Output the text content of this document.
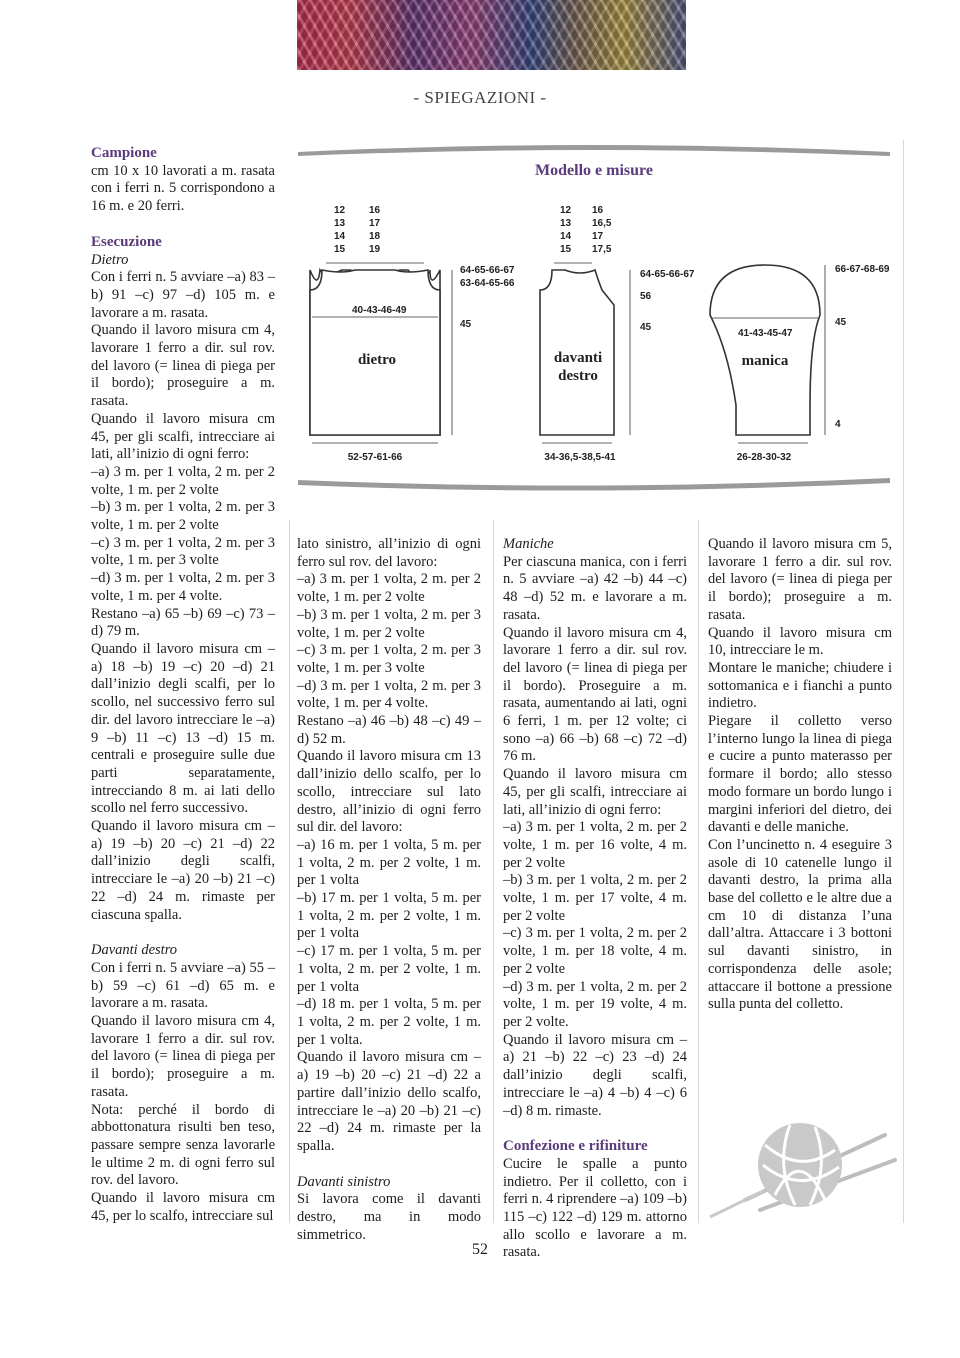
- SPIEGAZIONI -
Modello e misure
12
13
14
15
16
17
18
19
64-65-66-67
63-64-65-66
45
40-43-46-49
dietro
52-57-61-66
12
13
14
15
16
16,5
17
17,5
64-65-66-67
56
45
davanti
destro
34-36,5-38,5-41
66-67-68-69
45
4
41-43-45-47
manica
26-28-30-32

Campione

cm 10 x 10 lavorati a m. rasata con i ferri n. 5 corrispondono a 16 m. e 20 ferri.

Esecuzione

Dietro

Con i ferri n. 5 avviare –a) 83 –b) 91 –c) 97 –d) 105 m. e lavorare a m. rasata.

Quando il lavoro misura cm 4, lavorare 1 ferro a dir. sul rov. del lavoro (= linea di piega per il bordo); proseguire a m. rasata.

Quando il lavoro misura cm 45, per gli scalfi, intrecciare ai lati, all’inizio di ogni ferro:

–a) 3 m. per 1 volta, 2 m. per 2 volte, 1 m. per 2 volte

–b) 3 m. per 1 volta, 2 m. per 3 volte, 1 m. per 2 volte

–c) 3 m. per 1 volta, 2 m. per 3 volte, 1 m. per 3 volte

–d) 3 m. per 1 volta, 2 m. per 3 volte, 1 m. per 4 volte.

Restano –a) 65 –b) 69 –c) 73 –d) 79 m.

Quando il lavoro misura cm –a) 18 –b) 19 –c) 20 –d) 21 dall’inizio degli scalfi, per lo scollo, nel successivo ferro sul dir. del lavoro intrecciare le –a) 9 –b) 11 –c) 13 –d) 15 m. centrali e proseguire sulle due parti separatamente, intrecciando 8 m. ai lati dello scollo nel ferro successivo.

Quando il lavoro misura cm –a) 19 –b) 20 –c) 21 –d) 22 dall’inizio degli scalfi, intrecciare le –a) 20 –b) 21 –c) 22 –d) 24 m. rimaste per ciascuna spalla.

Davanti destro

Con i ferri n. 5 avviare –a) 55 –b) 59 –c) 61 –d) 65 m. e lavorare a m. rasata.

Quando il lavoro misura cm 4, lavorare 1 ferro a dir. sul rov. del lavoro (= linea di piega per il bordo); proseguire a m. rasata.

Nota: perché il bordo di abbottonatura risulti ben teso, passare sempre senza lavorarle le ultime 2 m. di ogni ferro sul rov. del lavoro.

Quando il lavoro misura cm 45, per lo scalfo, intrecciare sul

lato sinistro, all’inizio di ogni ferro sul rov. del lavoro:

–a) 3 m. per 1 volta, 2 m. per 2 volte, 1 m. per 2 volte

–b) 3 m. per 1 volta, 2 m. per 3 volte, 1 m. per 2 volte

–c) 3 m. per 1 volta, 2 m. per 3 volte, 1 m. per 3 volte

–d) 3 m. per 1 volta, 2 m. per 3 volte, 1 m. per 4 volte.

Restano –a) 46 –b) 48 –c) 49 –d) 52 m.

Quando il lavoro misura cm 13 dall’inizio dello scalfo, per lo scollo, intrecciare sul lato destro, all’inizio di ogni ferro sul dir. del lavoro:

–a) 16 m. per 1 volta, 5 m. per 1 volta, 2 m. per 2 volte, 1 m. per 1 volta

–b) 17 m. per 1 volta, 5 m. per 1 volta, 2 m. per 2 volte, 1 m. per 1 volta

–c) 17 m. per 1 volta, 5 m. per 1 volta, 2 m. per 2 volte, 1 m. per 1 volta

–d) 18 m. per 1 volta, 5 m. per 1 volta, 2 m. per 2 volte, 1 m. per 1 volta.

Quando il lavoro misura cm –a) 19 –b) 20 –c) 21 –d) 22 a partire dall’inizio dello scalfo, intrecciare le –a) 20 –b) 21 –c) 22 –d) 24 m. rimaste per la spalla.

Davanti sinistro

Si lavora come il davanti destro, ma in modo simmetrico.

Maniche

Per ciascuna manica, con i ferri n. 5 avviare –a) 42 –b) 44 –c) 48 –d) 52 m. e lavorare a m. rasata.

Quando il lavoro misura cm 4, lavorare 1 ferro a dir. sul rov. del lavoro (= linea di piega per il bordo). Proseguire a m. rasata, aumentando ai lati, ogni 6 ferri, 1 m. per 12 volte; ci sono –a) 66 –b) 68 –c) 72 –d) 76 m.

Quando il lavoro misura cm 45, per gli scalfi, intrecciare ai lati, all’inizio di ogni ferro:

–a) 3 m. per 1 volta, 2 m. per 2 volte, 1 m. per 16 volte, 4 m. per 2 volte

–b) 3 m. per 1 volta, 2 m. per 2 volte, 1 m. per 17 volte, 4 m. per 2 volte

–c) 3 m. per 1 volta, 2 m. per 2 volte, 1 m. per 18 volte, 4 m. per 2 volte

–d) 3 m. per 1 volta, 2 m. per 2 volte, 1 m. per 19 volte, 4 m. per 2 volte.

Quando il lavoro misura cm –a) 21 –b) 22 –c) 23 –d) 24 dall’inizio degli scalfi, intrecciare le –a) 4 –b) 4 –c) 6 –d) 8 m. rimaste.

Confezione e rifiniture

Cucire le spalle a punto indietro. Per il colletto, con i ferri n. 4 riprendere –a) 109 –b) 115 –c) 122 –d) 129 m. attorno allo scollo e lavorare a m. rasata.

Quando il lavoro misura cm 5, lavorare 1 ferro a dir. sul rov. del lavoro (= linea di piega per il bordo); proseguire a m. rasata.

Quando il lavoro misura cm 10, intrecciare le m.

Montare le maniche; chiudere i sottomanica e i fianchi a punto indietro.

Piegare il colletto verso l’interno lungo la linea di piega e cucire a punto materasso per formare il bordo; allo stesso modo formare un bordo lungo i margini inferiori del dietro, dei davanti e delle maniche.

Con l’uncinetto n. 4 eseguire 3 asole di 10 catenelle lungo il davanti destro, la prima alla base del colletto e le altre due a cm 10 di distanza l’una dall’altra. Attaccare i 3 bottoni sul davanti sinistro, in corrispondenza delle asole; attaccare il bottone a pressione sulla punta del colletto.

52
